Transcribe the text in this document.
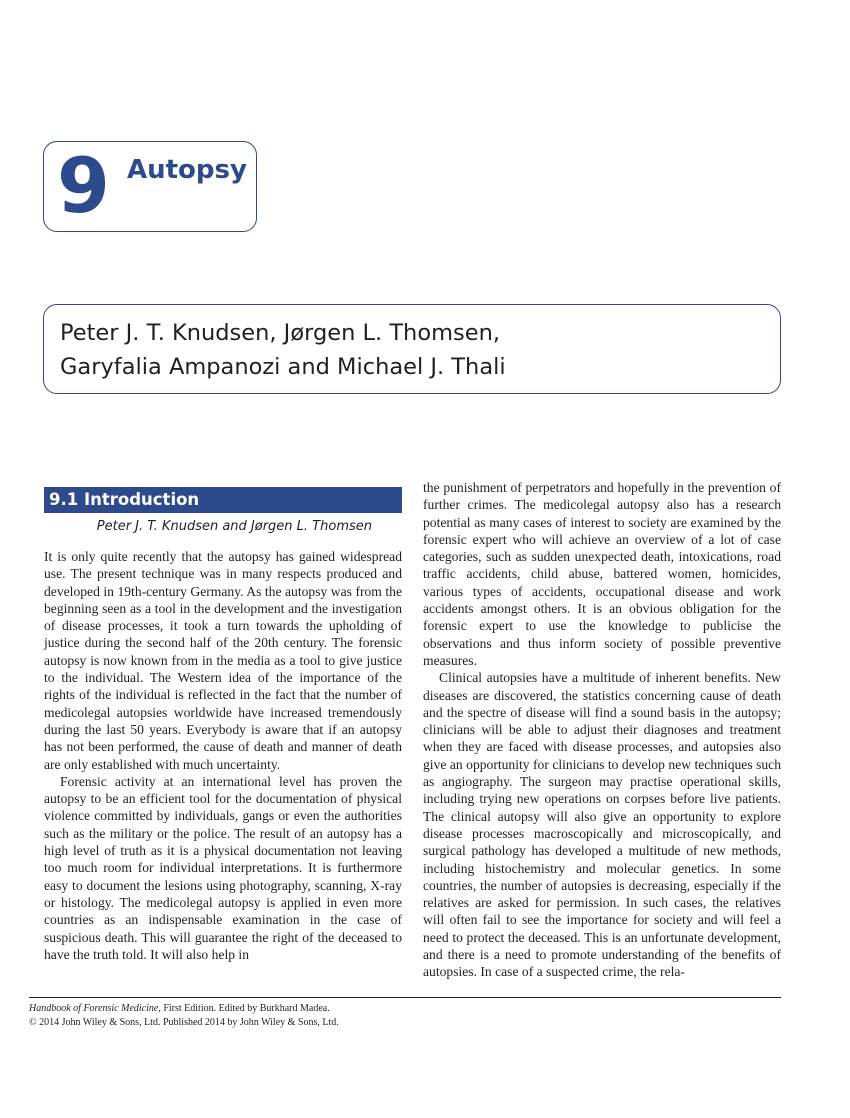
9 Autopsy
Peter J. T. Knudsen, Jørgen L. Thomsen,
Garyfalia Ampanozi and Michael J. Thali
9.1 Introduction
Peter J. T. Knudsen and Jørgen L. Thomsen

It is only quite recently that the autopsy has gained widespread use. The present technique was in many respects produced and developed in 19th-century Germany. As the autopsy was from the beginning seen as a tool in the development and the investigation of disease processes, it took a turn towards the upholding of justice during the second half of the 20th century. The forensic autopsy is now known from in the media as a tool to give justice to the individual. The Western idea of the importance of the rights of the individual is reflected in the fact that the number of medicolegal autopsies worldwide have increased tremendously during the last 50 years. Everybody is aware that if an autopsy has not been performed, the cause of death and manner of death are only established with much uncertainty.

Forensic activity at an international level has proven the autopsy to be an efficient tool for the documentation of physical violence committed by individuals, gangs or even the authorities such as the military or the police. The result of an autopsy has a high level of truth as it is a physical documentation not leaving too much room for individual interpretations. It is furthermore easy to document the lesions using photography, scanning, X-ray or histology. The medicolegal autopsy is applied in even more countries as an indispensable examination in the case of suspicious death. This will guarantee the right of the deceased to have the truth told. It will also help in

the punishment of perpetrators and hopefully in the prevention of further crimes. The medicolegal autopsy also has a research potential as many cases of interest to society are examined by the forensic expert who will achieve an overview of a lot of case categories, such as sudden unexpected death, intoxications, road traffic accidents, child abuse, battered women, homicides, various types of accidents, occupational disease and work accidents amongst others. It is an obvious obligation for the forensic expert to use the knowledge to publicise the observations and thus inform society of possible preventive measures.

Clinical autopsies have a multitude of inherent benefits. New diseases are discovered, the statistics concerning cause of death and the spectre of disease will find a sound basis in the autopsy; clinicians will be able to adjust their diagnoses and treatment when they are faced with disease processes, and autopsies also give an opportunity for clinicians to develop new techniques such as angiography. The surgeon may practise operational skills, including trying new operations on corpses before live patients. The clinical autopsy will also give an opportunity to explore disease processes macroscopically and microscopically, and surgical pathology has developed a multitude of new methods, including histochemistry and molecular genetics. In some countries, the number of autopsies is decreasing, especially if the relatives are asked for permission. In such cases, the relatives will often fail to see the importance for society and will feel a need to protect the deceased. This is an unfortunate development, and there is a need to promote understanding of the benefits of autopsies. In case of a suspected crime, the rela-

Handbook of Forensic Medicine, First Edition. Edited by Burkhard Madea.
© 2014 John Wiley & Sons, Ltd. Published 2014 by John Wiley & Sons, Ltd.
